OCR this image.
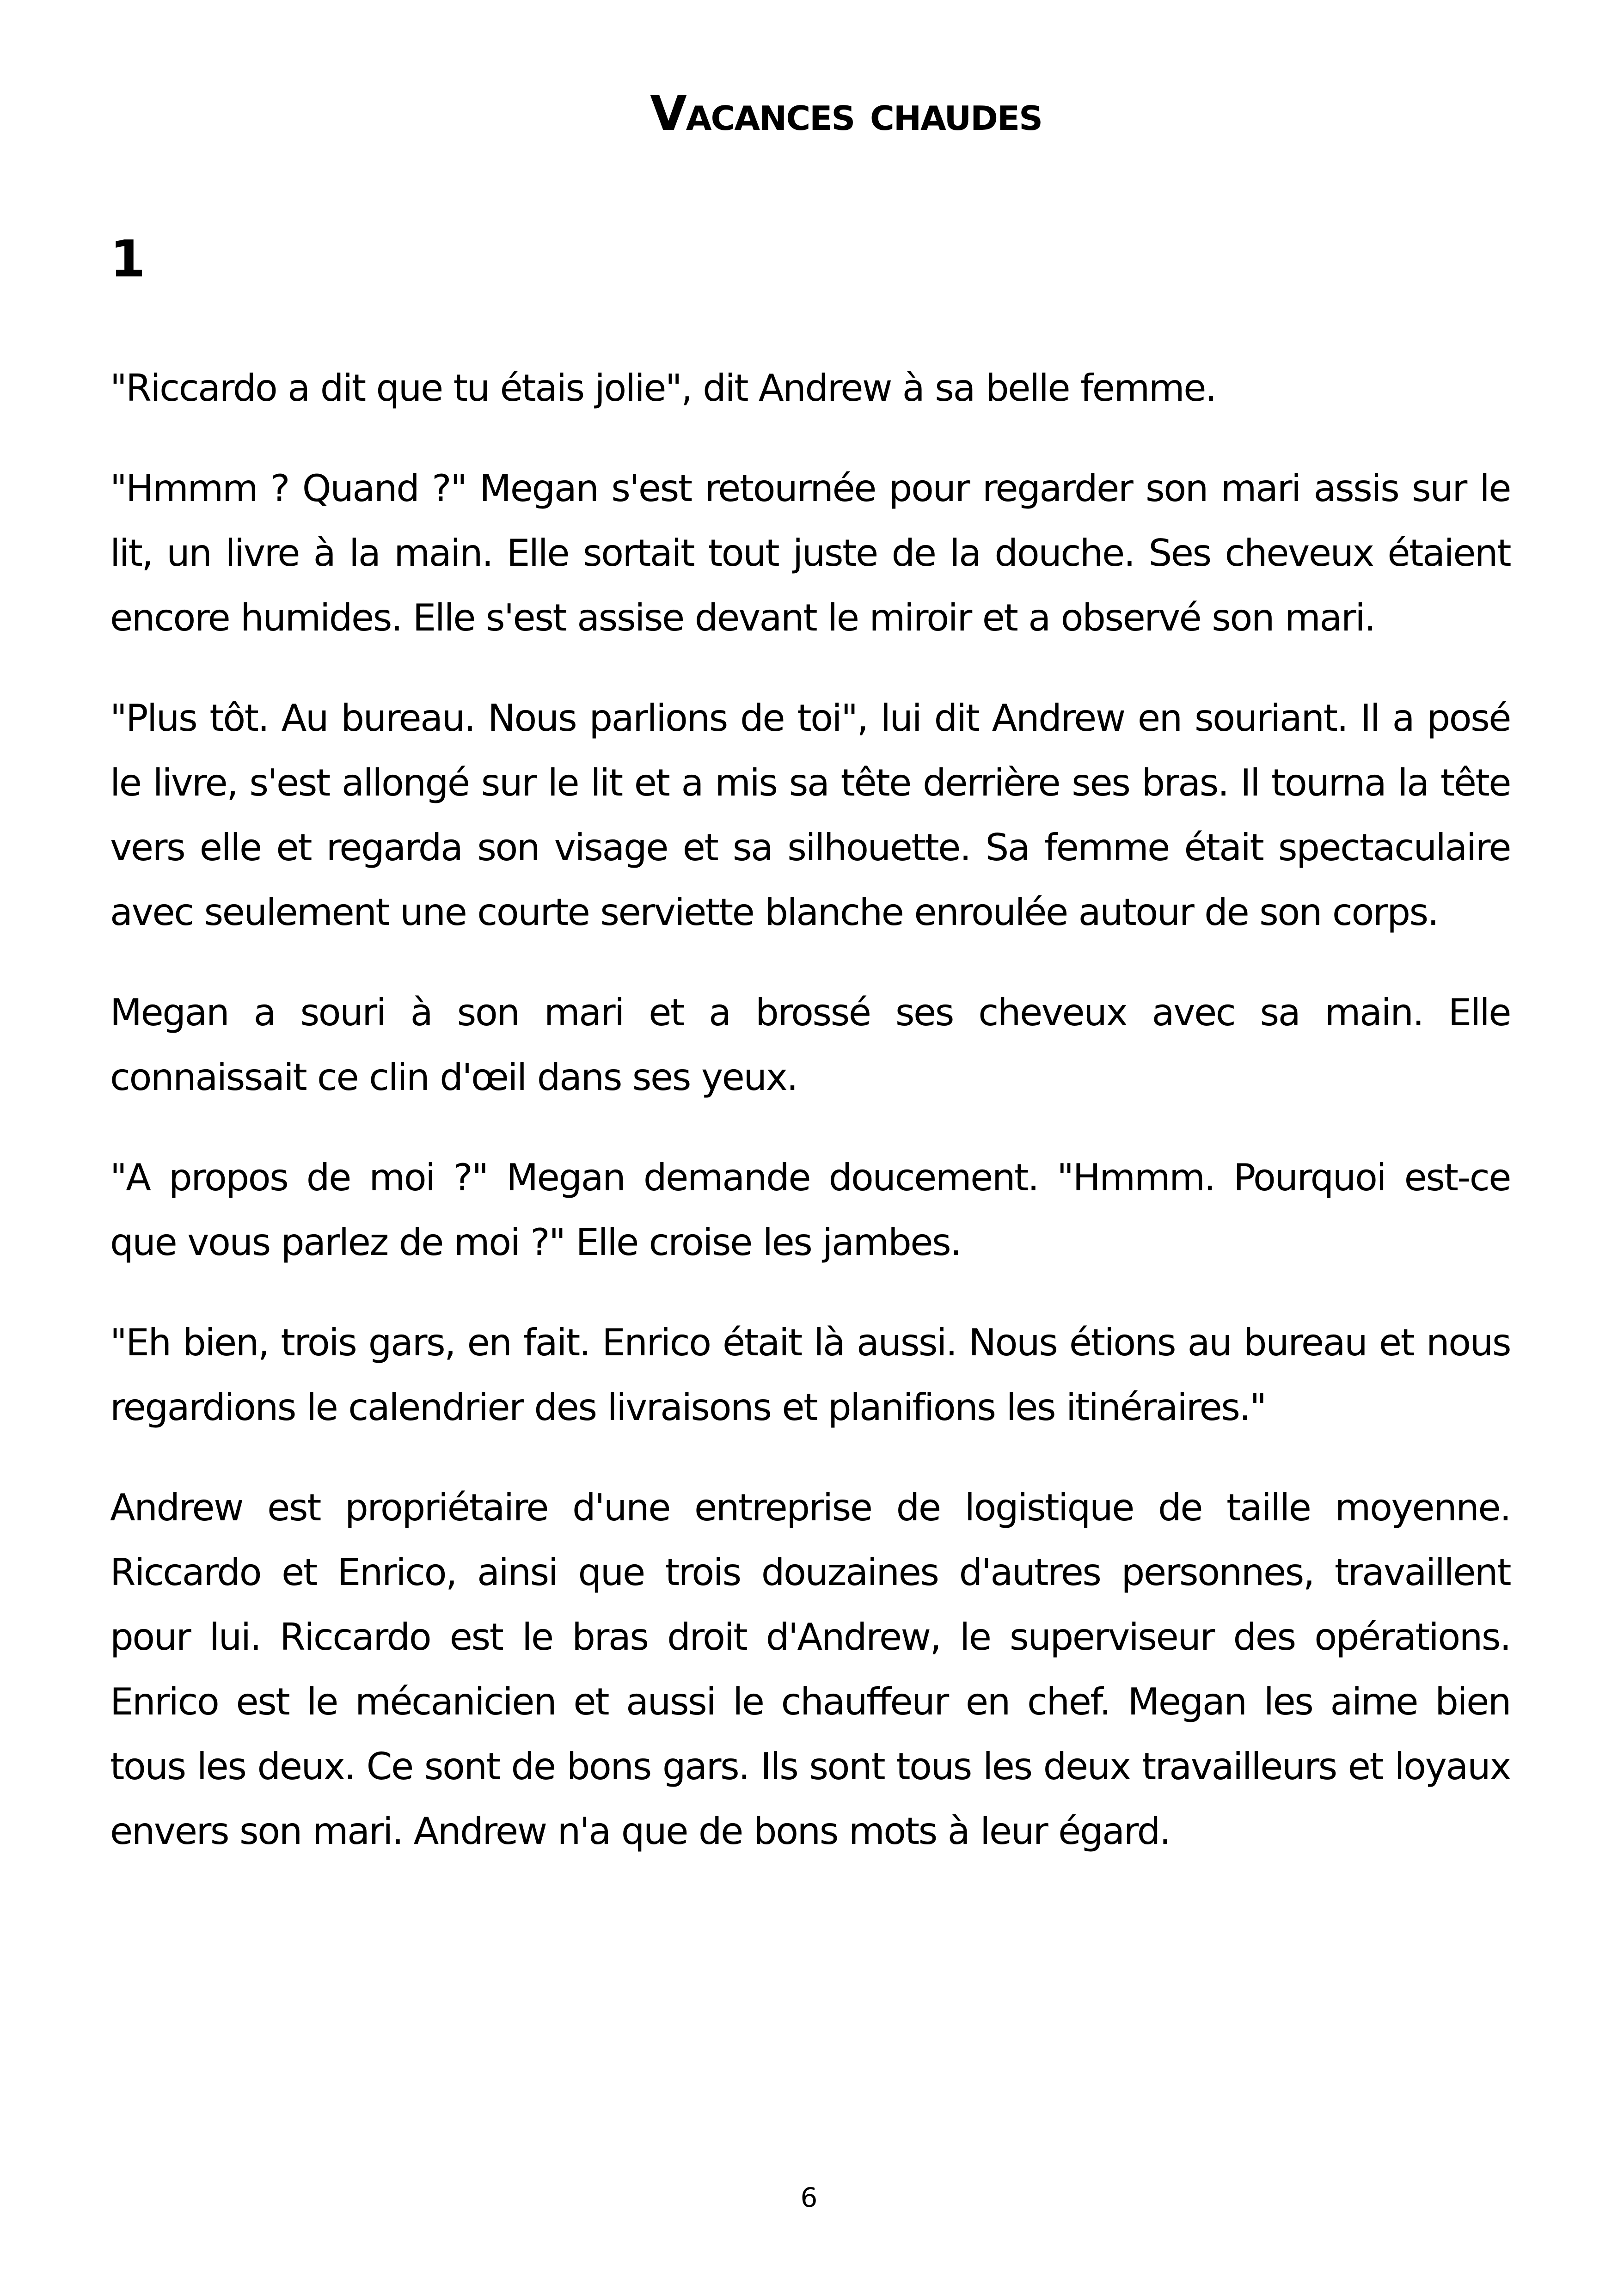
Vacances chaudes
1

"Riccardo a dit que tu étais jolie", dit Andrew à sa belle femme.

"Hmmm ? Quand ?" Megan s'est retournée pour regarder son mari assis sur le lit, un livre à la main. Elle sortait tout juste de la douche. Ses cheveux étaient encore humides. Elle s'est assise devant le miroir et a observé son mari.

"Plus tôt. Au bureau. Nous parlions de toi", lui dit Andrew en souriant. Il a posé le livre, s'est allongé sur le lit et a mis sa tête derrière ses bras. Il tourna la tête vers elle et regarda son visage et sa silhouette. Sa femme était spectaculaire avec seulement une courte serviette blanche enroulée autour de son corps.

Megan a souri à son mari et a brossé ses cheveux avec sa main. Elle connaissait ce clin d'œil dans ses yeux.

"A propos de moi ?" Megan demande doucement. "Hmmm. Pourquoi est-ce que vous parlez de moi ?" Elle croise les jambes.

"Eh bien, trois gars, en fait. Enrico était là aussi. Nous étions au bureau et nous regardions le calendrier des livraisons et planifions les itinéraires."

Andrew est propriétaire d'une entreprise de logistique de taille moyenne. Riccardo et Enrico, ainsi que trois douzaines d'autres personnes, travaillent pour lui. Riccardo est le bras droit d'Andrew, le superviseur des opérations. Enrico est le mécanicien et aussi le chauffeur en chef. Megan les aime bien tous les deux. Ce sont de bons gars. Ils sont tous les deux travailleurs et loyaux envers son mari. Andrew n'a que de bons mots à leur égard.

6
